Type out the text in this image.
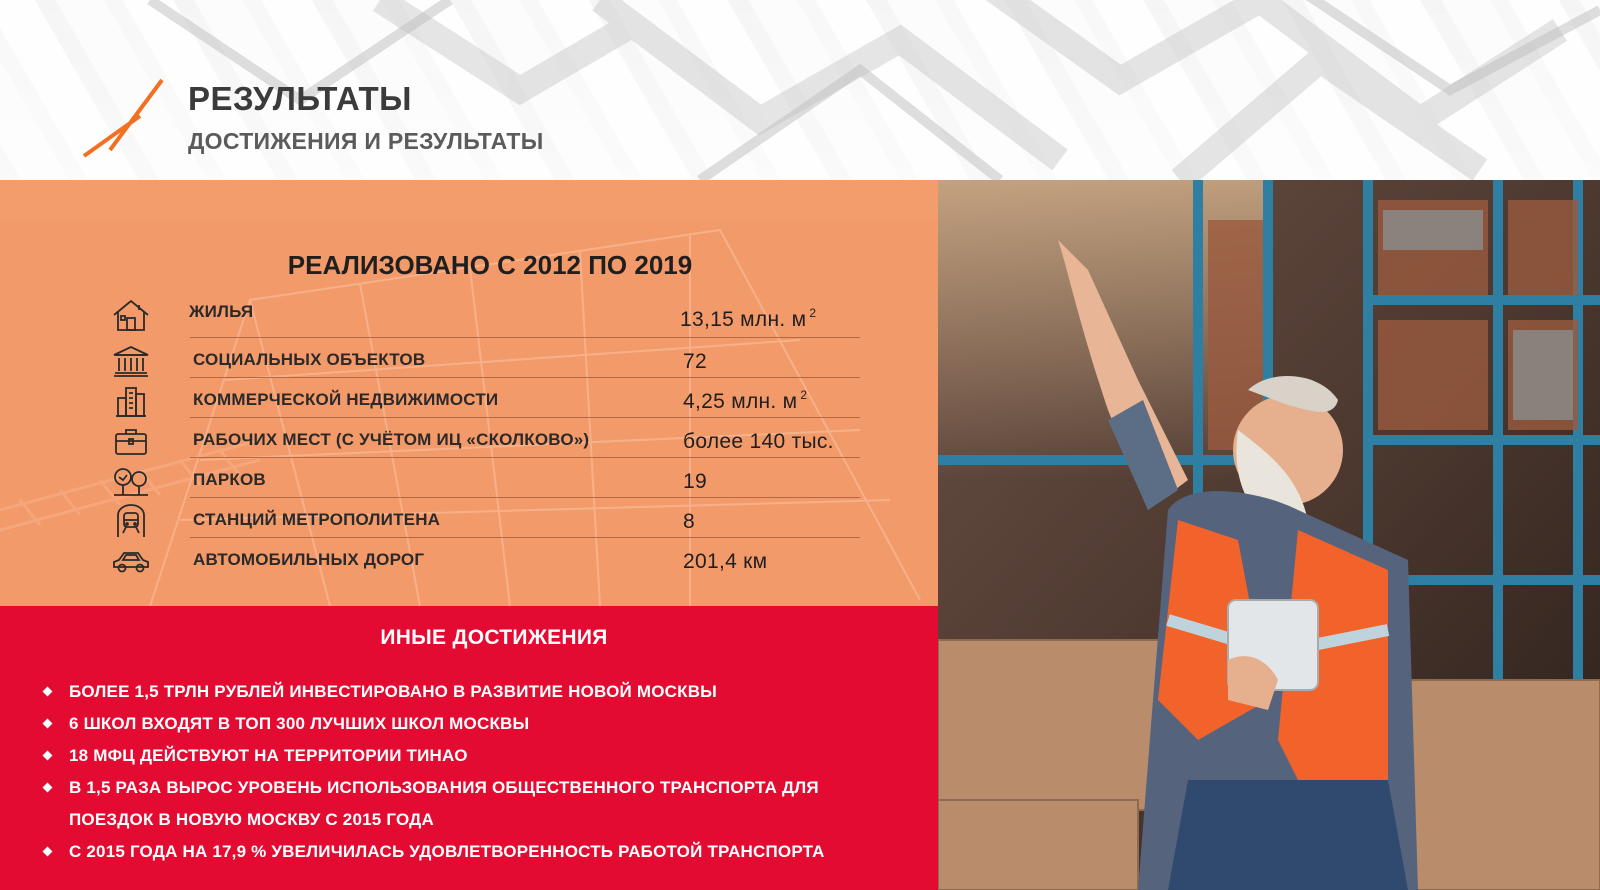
РЕЗУЛЬТАТЫ
ДОСТИЖЕНИЯ И РЕЗУЛЬТАТЫ
РЕАЛИЗОВАНО С 2012 ПО 2019
ЖИЛЬЯ	13,15 млн. м $^2$
СОЦИАЛЬНЫХ ОБЪЕКТОВ	72
КОММЕРЧЕСКОЙ НЕДВИЖИМОСТИ	4,25 млн. м $^2$
РАБОЧИХ МЕСТ (С УЧЁТОМ ИЦ «СКОЛКОВО»)	более 140 тыс.
ПАРКОВ	19
СТАНЦИЙ МЕТРОПОЛИТЕНА	8
АВТОМОБИЛЬНЫХ ДОРОГ	201,4 км
ИНЫЕ ДОСТИЖЕНИЯ
БОЛЕЕ 1,5 ТРЛН РУБЛЕЙ ИНВЕСТИРОВАНО В РАЗВИТИЕ НОВОЙ МОСКВЫ
6 ШКОЛ ВХОДЯТ В ТОП 300 ЛУЧШИХ ШКОЛ МОСКВЫ
18 МФЦ ДЕЙСТВУЮТ НА ТЕРРИТОРИИ ТИНАО
В 1,5 РАЗА ВЫРОС УРОВЕНЬ ИСПОЛЬЗОВАНИЯ ОБЩЕСТВЕННОГО ТРАНСПОРТА ДЛЯ
ПОЕЗДОК В НОВУЮ МОСКВУ С 2015 ГОДА
С 2015 ГОДА НА 17,9 % УВЕЛИЧИЛАСЬ УДОВЛЕТВОРЕННОСТЬ РАБОТОЙ ТРАНСПОРТА
